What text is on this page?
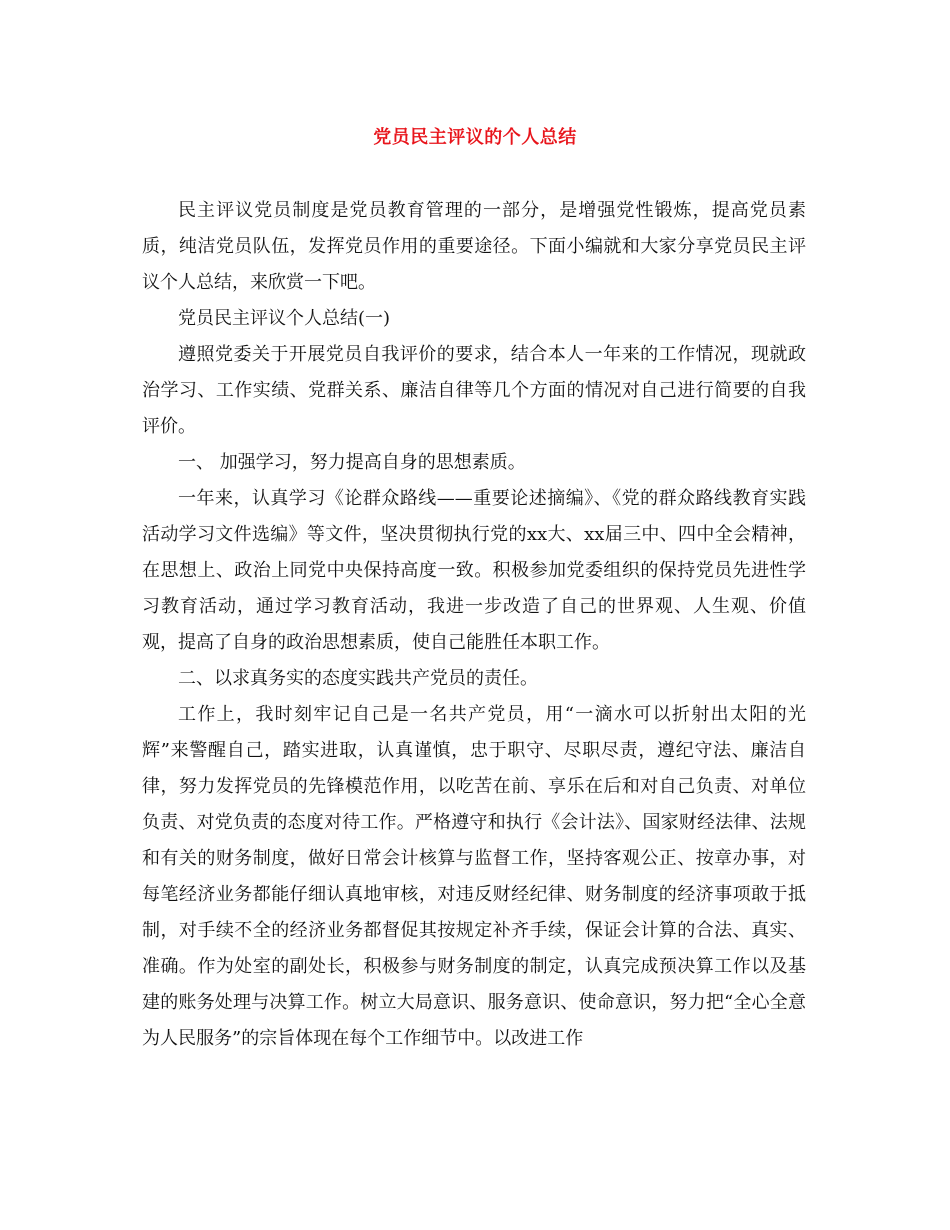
党员民主评议的个人总结

民主评议党员制度是党员教育管理的一部分，是增强党性锻炼，提高党员素质，纯洁党员队伍，发挥党员作用的重要途径。下面小编就和大家分享党员民主评议个人总结，来欣赏一下吧。

党员民主评议个人总结(一)

遵照党委关于开展党员自我评价的要求，结合本人一年来的工作情况，现就政治学习、工作实绩、党群关系、廉洁自律等几个方面的情况对自己进行简要的自我评价。

一、 加强学习，努力提高自身的思想素质。

一年来，认真学习《论群众路线——重要论述摘编》、《党的群众路线教育实践活动学习文件选编》等文件，坚决贯彻执行党的xx大、xx届三中、四中全会精神，在思想上、政治上同党中央保持高度一致。积极参加党委组织的保持党员先进性学习教育活动，通过学习教育活动，我进一步改造了自己的世界观、人生观、价值观，提高了自身的政治思想素质，使自己能胜任本职工作。

二、以求真务实的态度实践共产党员的责任。

工作上，我时刻牢记自己是一名共产党员，用“一滴水可以折射出太阳的光辉”来警醒自己，踏实进取，认真谨慎，忠于职守、尽职尽责，遵纪守法、廉洁自律，努力发挥党员的先锋模范作用，以吃苦在前、享乐在后和对自己负责、对单位负责、对党负责的态度对待工作。严格遵守和执行《会计法》、国家财经法律、法规和有关的财务制度，做好日常会计核算与监督工作，坚持客观公正、按章办事，对每笔经济业务都能仔细认真地审核，对违反财经纪律、财务制度的经济事项敢于抵制，对手续不全的经济业务都督促其按规定补齐手续，保证会计算的合法、真实、准确。作为处室的副处长，积极参与财务制度的制定，认真完成预决算工作以及基建的账务处理与决算工作。树立大局意识、服务意识、使命意识，努力把“全心全意为人民服务”的宗旨体现在每个工作细节中。以改进工作
